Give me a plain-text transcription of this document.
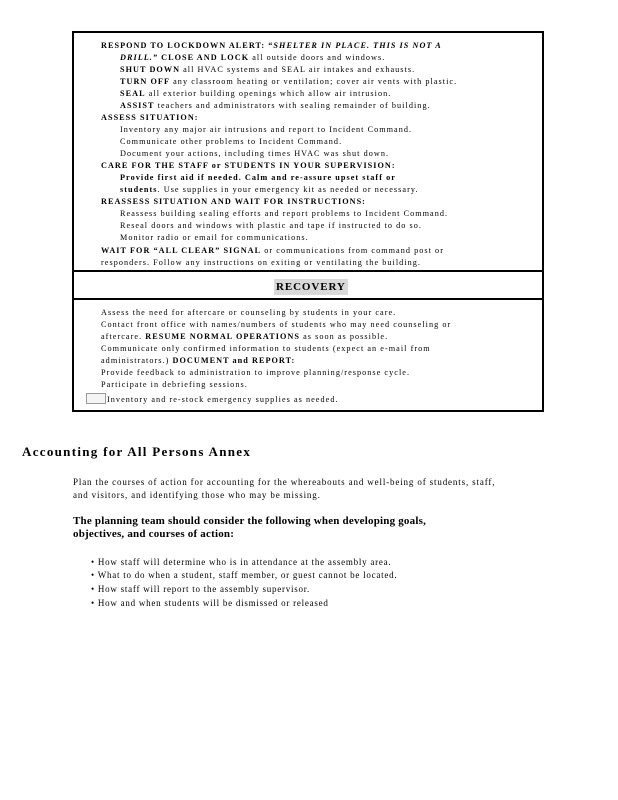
RESPOND TO LOCKDOWN ALERT: “SHELTER IN PLACE. THIS IS NOT A
DRILL.” CLOSE AND LOCK all outside doors and windows.
SHUT DOWN all HVAC systems and SEAL air intakes and exhausts.
TURN OFF any classroom heating or ventilation; cover air vents with plastic.
SEAL all exterior building openings which allow air intrusion.
ASSIST teachers and administrators with sealing remainder of building.
ASSESS SITUATION:
Inventory any major air intrusions and report to Incident Command.
Communicate other problems to Incident Command.
Document your actions, including times HVAC was shut down.
CARE FOR THE STAFF or STUDENTS IN YOUR SUPERVISION:
Provide first aid if needed. Calm and re-assure upset staff or
students. Use supplies in your emergency kit as needed or necessary.
REASSESS SITUATION AND WAIT FOR INSTRUCTIONS:
Reassess building sealing efforts and report problems to Incident Command.
Reseal doors and windows with plastic and tape if instructed to do so.
Monitor radio or email for communications.
WAIT FOR “ALL CLEAR” SIGNAL or communications from command post or
responders. Follow any instructions on exiting or ventilating the building.
RECOVERY
Assess the need for aftercare or counseling by students in your care.
Contact front office with names/numbers of students who may need counseling or
aftercare. RESUME NORMAL OPERATIONS as soon as possible.
Communicate only confirmed information to students (expect an e-mail from
administrators.) DOCUMENT and REPORT:
Provide feedback to administration to improve planning/response cycle.
Participate in debriefing sessions.
Inventory and re-stock emergency supplies as needed.
Accounting for All Persons Annex
Plan the courses of action for accounting for the whereabouts and well-being of students, staff,
and visitors, and identifying those who may be missing.
The planning team should consider the following when developing goals,
objectives, and courses of action:
• How staff will determine who is in attendance at the assembly area.
• What to do when a student, staff member, or guest cannot be located.
• How staff will report to the assembly supervisor.
• How and when students will be dismissed or released
